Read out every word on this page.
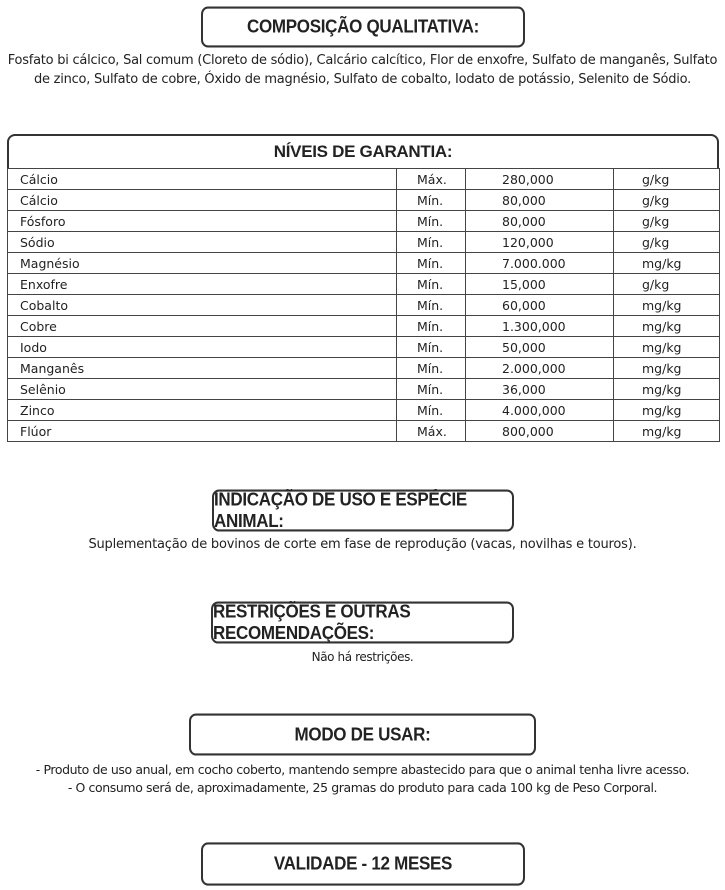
COMPOSIÇÃO QUALITATIVA:
Fosfato bi cálcico, Sal comum (Cloreto de sódio), Calcário calcítico, Flor de enxofre, Sulfato de manganês, Sulfato
de zinco, Sulfato de cobre, Óxido de magnésio, Sulfato de cobalto, Iodato de potássio, Selenito de Sódio.
NÍVEIS DE GARANTIA:
Cálcio	Máx.	280,000	g/kg
Cálcio	Mín.	80,000	g/kg
Fósforo	Mín.	80,000	g/kg
Sódio	Mín.	120,000	g/kg
Magnésio	Mín.	7.000.000	mg/kg
Enxofre	Mín.	15,000	g/kg
Cobalto	Mín.	60,000	mg/kg
Cobre	Mín.	1.300,000	mg/kg
Iodo	Mín.	50,000	mg/kg
Manganês	Mín.	2.000,000	mg/kg
Selênio	Mín.	36,000	mg/kg
Zinco	Mín.	4.000,000	mg/kg
Flúor	Máx.	800,000	mg/kg
INDICAÇÃO DE USO E ESPÉCIE ANIMAL:
Suplementação de bovinos de corte em fase de reprodução (vacas, novilhas e touros).
RESTRIÇÕES E OUTRAS RECOMENDAÇÕES:
Não há restrições.
MODO DE USAR:
- Produto de uso anual, em cocho coberto, mantendo sempre abastecido para que o animal tenha livre acesso.
- O consumo será de, aproximadamente, 25 gramas do produto para cada 100 kg de Peso Corporal.
VALIDADE - 12 MESES
